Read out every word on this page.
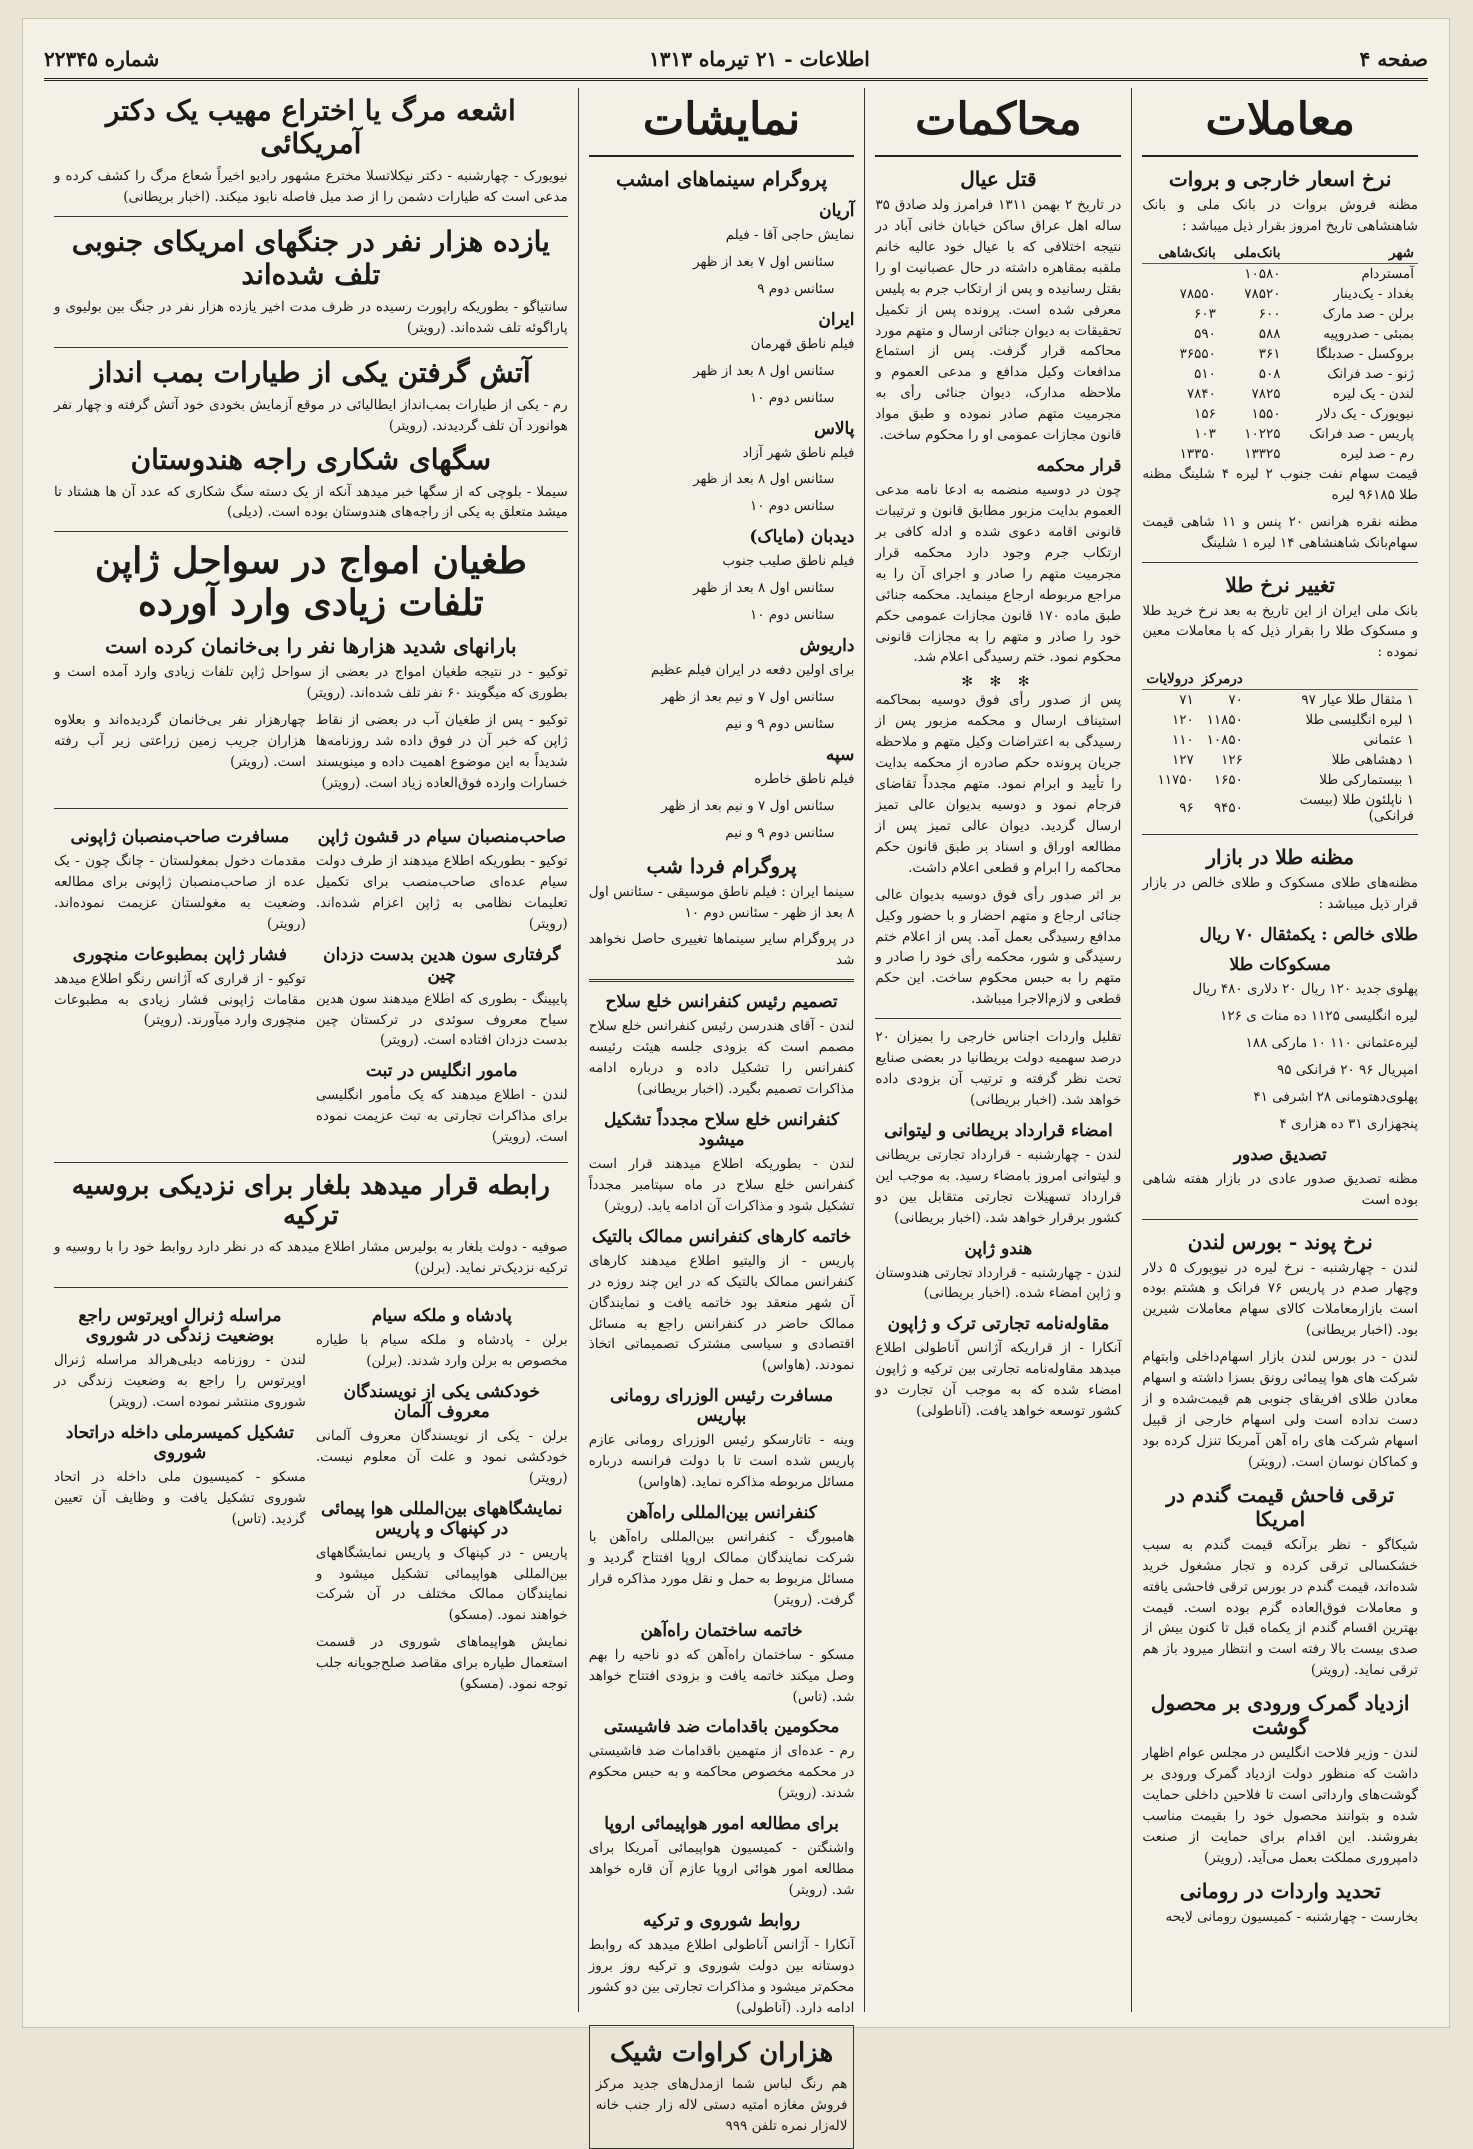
صفحه ۴
اطلاعات - ۲۱ تیرماه ۱۳۱۳
شماره ۲۲۳۴۵
معاملات
نرخ اسعار خارجی و بروات

مظنه فروش بروات در بانک ملی و بانک شاهنشاهی تاریخ امروز بقرار ذیل میباشد :

شهر	بانک‌ملی	بانک‌شاهی
آمستردام	۱۰۵۸۰	
بغداد - یک‌دینار	۷۸۵۲۰	۷۸۵۵۰
برلن - صد مارک	۶۰۰	۶۰۳
بمبئی - صدروپیه	۵۸۸	۵۹۰
بروکسل - صدبلگا	۳۶۱	۳۶۵۵۰
ژنو - صد فرانک	۵۰۸	۵۱۰
لندن - یک لیره	۷۸۲۵	۷۸۴۰
نیویورک - یک دلار	۱۵۵۰	۱۵۶
پاریس - صد فرانک	۱۰۲۲۵	۱۰۳
رم - صد لیره	۱۳۳۲۵	۱۳۳۵۰

قیمت سهام نفت جنوب ۲ لیره ۴ شلینگ مظنه طلا ۹۶۱۸۵ لیره

مظنه نقره هرانس ۲۰ پنس و ۱۱ شاهی قیمت سهام‌بانک شاهنشاهی ۱۴ لیره ۱ شلینگ

تغییر نرخ طلا

بانک ملی ایران از این تاریخ به بعد نرخ خرید طلا و مسکوک طلا را بقرار ذیل که با معاملات معین نموده :

	درمرکز	درولایات
۱ مثقال طلا عیار ۹۷	۷۰	۷۱
۱ لیره انگلیسی طلا	۱۱۸۵۰	۱۲۰
۱ عثمانی	۱۰۸۵۰	۱۱۰
۱ دهشاهی طلا	۱۲۶	۱۲۷
۱ بیستمارکی طلا	۱۶۵۰	۱۱۷۵۰
۱ ناپلئون طلا (بیست فرانکی)	۹۴۵۰	۹۶
مظنه طلا در بازار

مظنه‌های طلای مسکوک و طلای خالص در بازار قرار ذیل میباشد :

طلای خالص : یکمثقال ۷۰ ریال
مسکوکات طلا

پهلوی جدید ۱۲۰ ریال ۲۰ دلاری ۴۸۰ ریال

لیره انگلیسی ۱۱۲۵ ده منات ی ۱۲۶

لیره‌عثمانی ۱۱۰ ۱۰ مارکی ۱۸۸

امپریال ۹۶ ۲۰ فرانکی ۹۵

پهلوی‌دهتومانی ۲۸ اشرفی ۴۱

پنجهزاری ۳۱ ده هزاری ۴

تصدیق صدور

مظنه تصدیق صدور عادی در بازار هفته شاهی بوده است

نرخ پوند - بورس لندن

لندن - چهارشنبه - نرخ لیره در نیویورک ۵ دلار وچهار صدم در پاریس ۷۶ فرانک و هشتم بوده است بازارمعاملات کالای سهام معاملات شیرین بود. (اخبار بریطانی)

لندن - در بورس لندن بازار اسهام‌داخلی وابتهام شرکت های هوا پیمائی رونق بسزا داشته و اسهام معادن طلای افریقای جنوبی هم قیمت‌شده و از دست نداده است ولی اسهام خارجی از قبیل اسهام شرکت های راه آهن آمریکا تنزل کرده بود و کماکان نوسان است. (رویتر)

ترقی فاحش قیمت گندم در امریکا

شیکاگو - نظر برآنکه قیمت گندم به سبب خشکسالی ترقی کرده و تجار مشغول خرید شده‌اند، قیمت گندم در بورس ترقی فاحشی یافته و معاملات فوق‌العاده گرم بوده است. قیمت بهترین اقسام گندم از یکماه قبل تا کنون بیش از صدی بیست بالا رفته است و انتظار میرود باز هم ترقی نماید. (رویتر)

ازدیاد گمرک ورودی بر محصول گوشت

لندن - وزیر فلاحت انگلیس در مجلس عوام اظهار داشت که منظور دولت ازدیاد گمرک ورودی بر گوشت‌های وارداتی است تا فلاحین داخلی حمایت شده و بتوانند محصول خود را بقیمت مناسب بفروشند. این اقدام برای حمایت از صنعت دامپروری مملکت بعمل می‌آید. (رویتر)

تحدید واردات در رومانی

بخارست - چهارشنبه - کمیسیون رومانی لایحه

محاکمات
قتل عیال

در تاریخ ۲ بهمن ۱۳۱۱ فرامرز ولد صادق ۳۵ ساله اهل عراق ساکن خیابان خانی آباد در نتیجه اختلافی که با عیال خود عالیه خانم ملقبه بمقاهره داشته در حال عصبانیت او را بقتل رسانیده و پس از ارتکاب جرم به پلیس معرفی شده است. پرونده پس از تکمیل تحقیقات به دیوان جنائی ارسال و متهم مورد محاکمه قرار گرفت. پس از استماع مدافعات وکیل مدافع و مدعی العموم و ملاحظه مدارک، دیوان جنائی رأی به مجرمیت متهم صادر نموده و طبق مواد قانون مجازات عمومی او را محکوم ساخت.

قرار محکمه

چون در دوسیه منضمه به ادعا نامه مدعی العموم بدایت مزبور مطابق قانون و ترتیبات قانونی اقامه دعوی شده و ادله کافی بر ارتکاب جرم وجود دارد محکمه قرار مجرمیت متهم را صادر و اجرای آن را به مراجع مربوطه ارجاع مینماید. محکمه جنائی طبق ماده ۱۷۰ قانون مجازات عمومی حکم خود را صادر و متهم را به مجازات قانونی محکوم نمود. ختم رسیدگی اعلام شد.

✻ ✻ ✻

پس از صدور رأی فوق دوسیه بمحاکمه استیناف ارسال و محکمه مزبور پس از رسیدگی به اعتراضات وکیل متهم و ملاحظه جریان پرونده حکم صادره از محکمه بدایت را تأیید و ابرام نمود. متهم مجدداً تقاضای فرجام نمود و دوسیه بدیوان عالی تمیز ارسال گردید. دیوان عالی تمیز پس از مطالعه اوراق و اسناد بر طبق قانون حکم محاکمه را ابرام و قطعی اعلام داشت.

بر اثر صدور رأی فوق دوسیه بدیوان عالی جنائی ارجاع و متهم احضار و با حضور وکیل مدافع رسیدگی بعمل آمد. پس از اعلام ختم رسیدگی و شور، محکمه رأی خود را صادر و متهم را به حبس محکوم ساخت. این حکم قطعی و لازم‌الاجرا میباشد.

تقلیل واردات اجناس خارجی را بمیزان ۲۰ درصد سهمیه دولت بریطانیا در بعضی صنایع تحت نظر گرفته و ترتیب آن بزودی داده خواهد شد. (اخبار بریطانی)

امضاء قرارداد بریطانی و لیتوانی

لندن - چهارشنبه - قرارداد تجارتی بریطانی و لیتوانی امروز بامضاء رسید. به موجب این قرارداد تسهیلات تجارتی متقابل بین دو کشور برقرار خواهد شد. (اخبار بریطانی)

هندو ژاپن

لندن - چهارشنبه - قرارداد تجارتی هندوستان و ژاپن امضاء شده. (اخبار بریطانی)

مقاوله‌نامه تجارتی ترک و ژاپون

آنکارا - از قراریکه آژانس آناطولی اطلاع میدهد مقاوله‌نامه تجارتی بین ترکیه و ژاپون امضاء شده که به موجب آن تجارت دو کشور توسعه خواهد یافت. (آناطولی)

نمایشات
پروگرام سینماهای امشب
آریان

نمایش حاجی آقا - فیلم

سئانس اول ۷ بعد از ظهر

سئانس دوم ۹

ایران

فیلم ناطق قهرمان

سئانس اول ۸ بعد از ظهر

سئانس دوم ۱۰

پالاس

فیلم ناطق شهر آزاد

سئانس اول ۸ بعد از ظهر

سئانس دوم ۱۰

دیدبان (مایاک)

فیلم ناطق صلیب جنوب

سئانس اول ۸ بعد از ظهر

سئانس دوم ۱۰

داریوش

برای اولین دفعه در ایران فیلم عظیم

سئانس اول ۷ و نیم بعد از ظهر

سئانس دوم ۹ و نیم

سپه

فیلم ناطق خاطره

سئانس اول ۷ و نیم بعد از ظهر

سئانس دوم ۹ و نیم

پروگرام فردا شب

سینما ایران : فیلم ناطق موسیقی - سئانس اول ۸ بعد از ظهر - سئانس دوم ۱۰

در پروگرام سایر سینماها تغییری حاصل نخواهد شد

تصمیم رئیس کنفرانس خلع سلاح

لندن - آقای هندرسن رئیس کنفرانس خلع سلاح مصمم است که بزودی جلسه هیئت رئیسه کنفرانس را تشکیل داده و درباره ادامه مذاکرات تصمیم بگیرد. (اخبار بریطانی)

کنفرانس خلع سلاح مجدداً تشکیل میشود

لندن - بطوریکه اطلاع میدهند قرار است کنفرانس خلع سلاح در ماه سپتامبر مجدداً تشکیل شود و مذاکرات آن ادامه یابد. (رویتر)

خاتمه کارهای کنفرانس ممالک بالتیک

پاریس - از والیتیو اطلاع میدهند کارهای کنفرانس ممالک بالتیک که در این چند روزه در آن شهر منعقد بود خاتمه یافت و نمایندگان ممالک حاضر در کنفرانس راجع به مسائل اقتصادی و سیاسی مشترک تصمیماتی اتخاذ نمودند. (هاواس)

مسافرت رئیس الوزرای رومانی بپاریس

وینه - تاتارسکو رئیس الوزرای رومانی عازم پاریس شده است تا با دولت فرانسه درباره مسائل مربوطه مذاکره نماید. (هاواس)

کنفرانس بین‌المللی راه‌آهن

هامبورگ - کنفرانس بین‌المللی راه‌آهن با شرکت نمایندگان ممالک اروپا افتتاح گردید و مسائل مربوط به حمل و نقل مورد مذاکره قرار گرفت. (رویتر)

خاتمه ساختمان راه‌آهن

مسکو - ساختمان راه‌آهن که دو ناحیه را بهم وصل میکند خاتمه یافت و بزودی افتتاح خواهد شد. (تاس)

محکومین باقدامات ضد فاشیستی

رم - عده‌ای از متهمین باقدامات ضد فاشیستی در محکمه مخصوص محاکمه و به حبس محکوم شدند. (رویتر)

برای مطالعه امور هواپیمائی اروپا

واشنگتن - کمیسیون هواپیمائی آمریکا برای مطالعه امور هوائی اروپا عازم آن قاره خواهد شد. (رویتر)

روابط شوروی و ترکیه

آنکارا - آژانس آناطولی اطلاع میدهد که روابط دوستانه بین دولت شوروی و ترکیه روز بروز محکم‌تر میشود و مذاکرات تجارتی بین دو کشور ادامه دارد. (آناطولی)

هزاران کراوات شیک

هم رنگ لباس شما ازمدل‌های جدید مرکز فروش مغازه امتیه دستی لاله زار جنب خانه لاله‌زار نمره تلفن ۹۹۹

اشعه مرگ یا اختراع مهیب یک دکتر آمریکائی

نیویورک - چهارشنبه - دکتر نیکلاتسلا مخترع مشهور رادیو اخیراً شعاع مرگ را کشف کرده و مدعی است که طیارات دشمن را از صد میل فاصله نابود میکند. (اخبار بریطانی)

یازده هزار نفر در جنگهای امریکای جنوبی تلف شده‌اند

سانتیاگو - بطوریکه راپورت رسیده در ظرف مدت اخیر یازده هزار نفر در جنگ بین بولیوی و پاراگوئه تلف شده‌اند. (رویتر)

آتش گرفتن یکی از طیارات بمب انداز

رم - یکی از طیارات بمب‌انداز ایطالیائی در موقع آزمایش بخودی خود آتش گرفته و چهار نفر هوانورد آن تلف گردیدند. (رویتر)

سگهای شکاری راجه هندوستان

سیملا - بلوچی که از سگها خبر میدهد آنکه از یک دسته سگ شکاری که عدد آن ها هشتاد تا میشد متعلق به یکی از راجه‌های هندوستان بوده است. (دیلی)

طغیان امواج در سواحل ژاپن تلفات زیادی وارد آورده
بارانهای شدید هزارها نفر را بی‌خانمان کرده است

توکیو - در نتیجه طغیان امواج در بعضی از سواحل ژاپن تلفات زیادی وارد آمده است و بطوری که میگویند ۶۰ نفر تلف شده‌اند. (رویتر)

توکیو - پس از طغیان آب در بعضی از نقاط ژاپن که خبر آن در فوق داده شد روزنامه‌ها شدیداً به این موضوع اهمیت داده و مینویسند خسارات وارده فوق‌العاده زیاد است. (رویتر)

چهارهزار نفر بی‌خانمان گردیده‌اند و بعلاوه هزاران جریب زمین زراعتی زیر آب رفته است. (رویتر)

صاحب‌منصبان سیام در قشون ژاپن

توکیو - بطوریکه اطلاع میدهند از طرف دولت سیام عده‌ای صاحب‌منصب برای تکمیل تعلیمات نظامی به ژاپن اعزام شده‌اند. (رویتر)

گرفتاری سون هدین بدست دزدان چین

پایپینگ - بطوری که اطلاع میدهند سون هدین سیاح معروف سوئدی در ترکستان چین بدست دزدان افتاده است. (رویتر)

مامور انگلیس در تبت

لندن - اطلاع میدهند که یک مأمور انگلیسی برای مذاکرات تجارتی به تبت عزیمت نموده است. (رویتر)

مسافرت صاحب‌منصبان ژاپونی

مقدمات دخول بمغولستان - چانگ چون - یک عده از صاحب‌منصبان ژاپونی برای مطالعه وضعیت به مغولستان عزیمت نموده‌اند. (رویتر)

فشار ژاپن بمطبوعات منچوری

توکیو - از قراری که آژانس رنگو اطلاع میدهد مقامات ژاپونی فشار زیادی به مطبوعات منچوری وارد میآورند. (رویتر)

رابطه قرار میدهد بلغار برای نزدیکی بروسیه ترکیه

صوفیه - دولت بلغار به بولیرس مشار اطلاع میدهد که در نظر دارد روابط خود را با روسیه و ترکیه نزدیک‌تر نماید. (برلن)

پادشاه و ملکه سیام

برلن - پادشاه و ملکه سیام با طیاره مخصوص به برلن وارد شدند. (برلن)

خودکشی یکی از نویسندگان معروف آلمان

برلن - یکی از نویسندگان معروف آلمانی خودکشی نمود و علت آن معلوم نیست. (رویتر)

نمایشگاههای بین‌المللی هوا پیمائی در کپنهاک و پاریس

پاریس - در کپنهاک و پاریس نمایشگاههای بین‌المللی هواپیمائی تشکیل میشود و نمایندگان ممالک مختلف در آن شرکت خواهند نمود. (مسکو)

نمایش هواپیماهای شوروی در قسمت استعمال طیاره برای مقاصد صلح‌جویانه جلب توجه نمود. (مسکو)

مراسله ژنرال اویرتوس راجع بوضعیت زندگی در شوروی

لندن - روزنامه دیلی‌هرالد مراسله ژنرال اویرتوس را راجع به وضعیت زندگی در شوروی منتشر نموده است. (رویتر)

تشکیل کمیسرملی داخله دراتحاد شوروی

مسکو - کمیسیون ملی داخله در اتحاد شوروی تشکیل یافت و وظایف آن تعیین گردید. (تاس)
